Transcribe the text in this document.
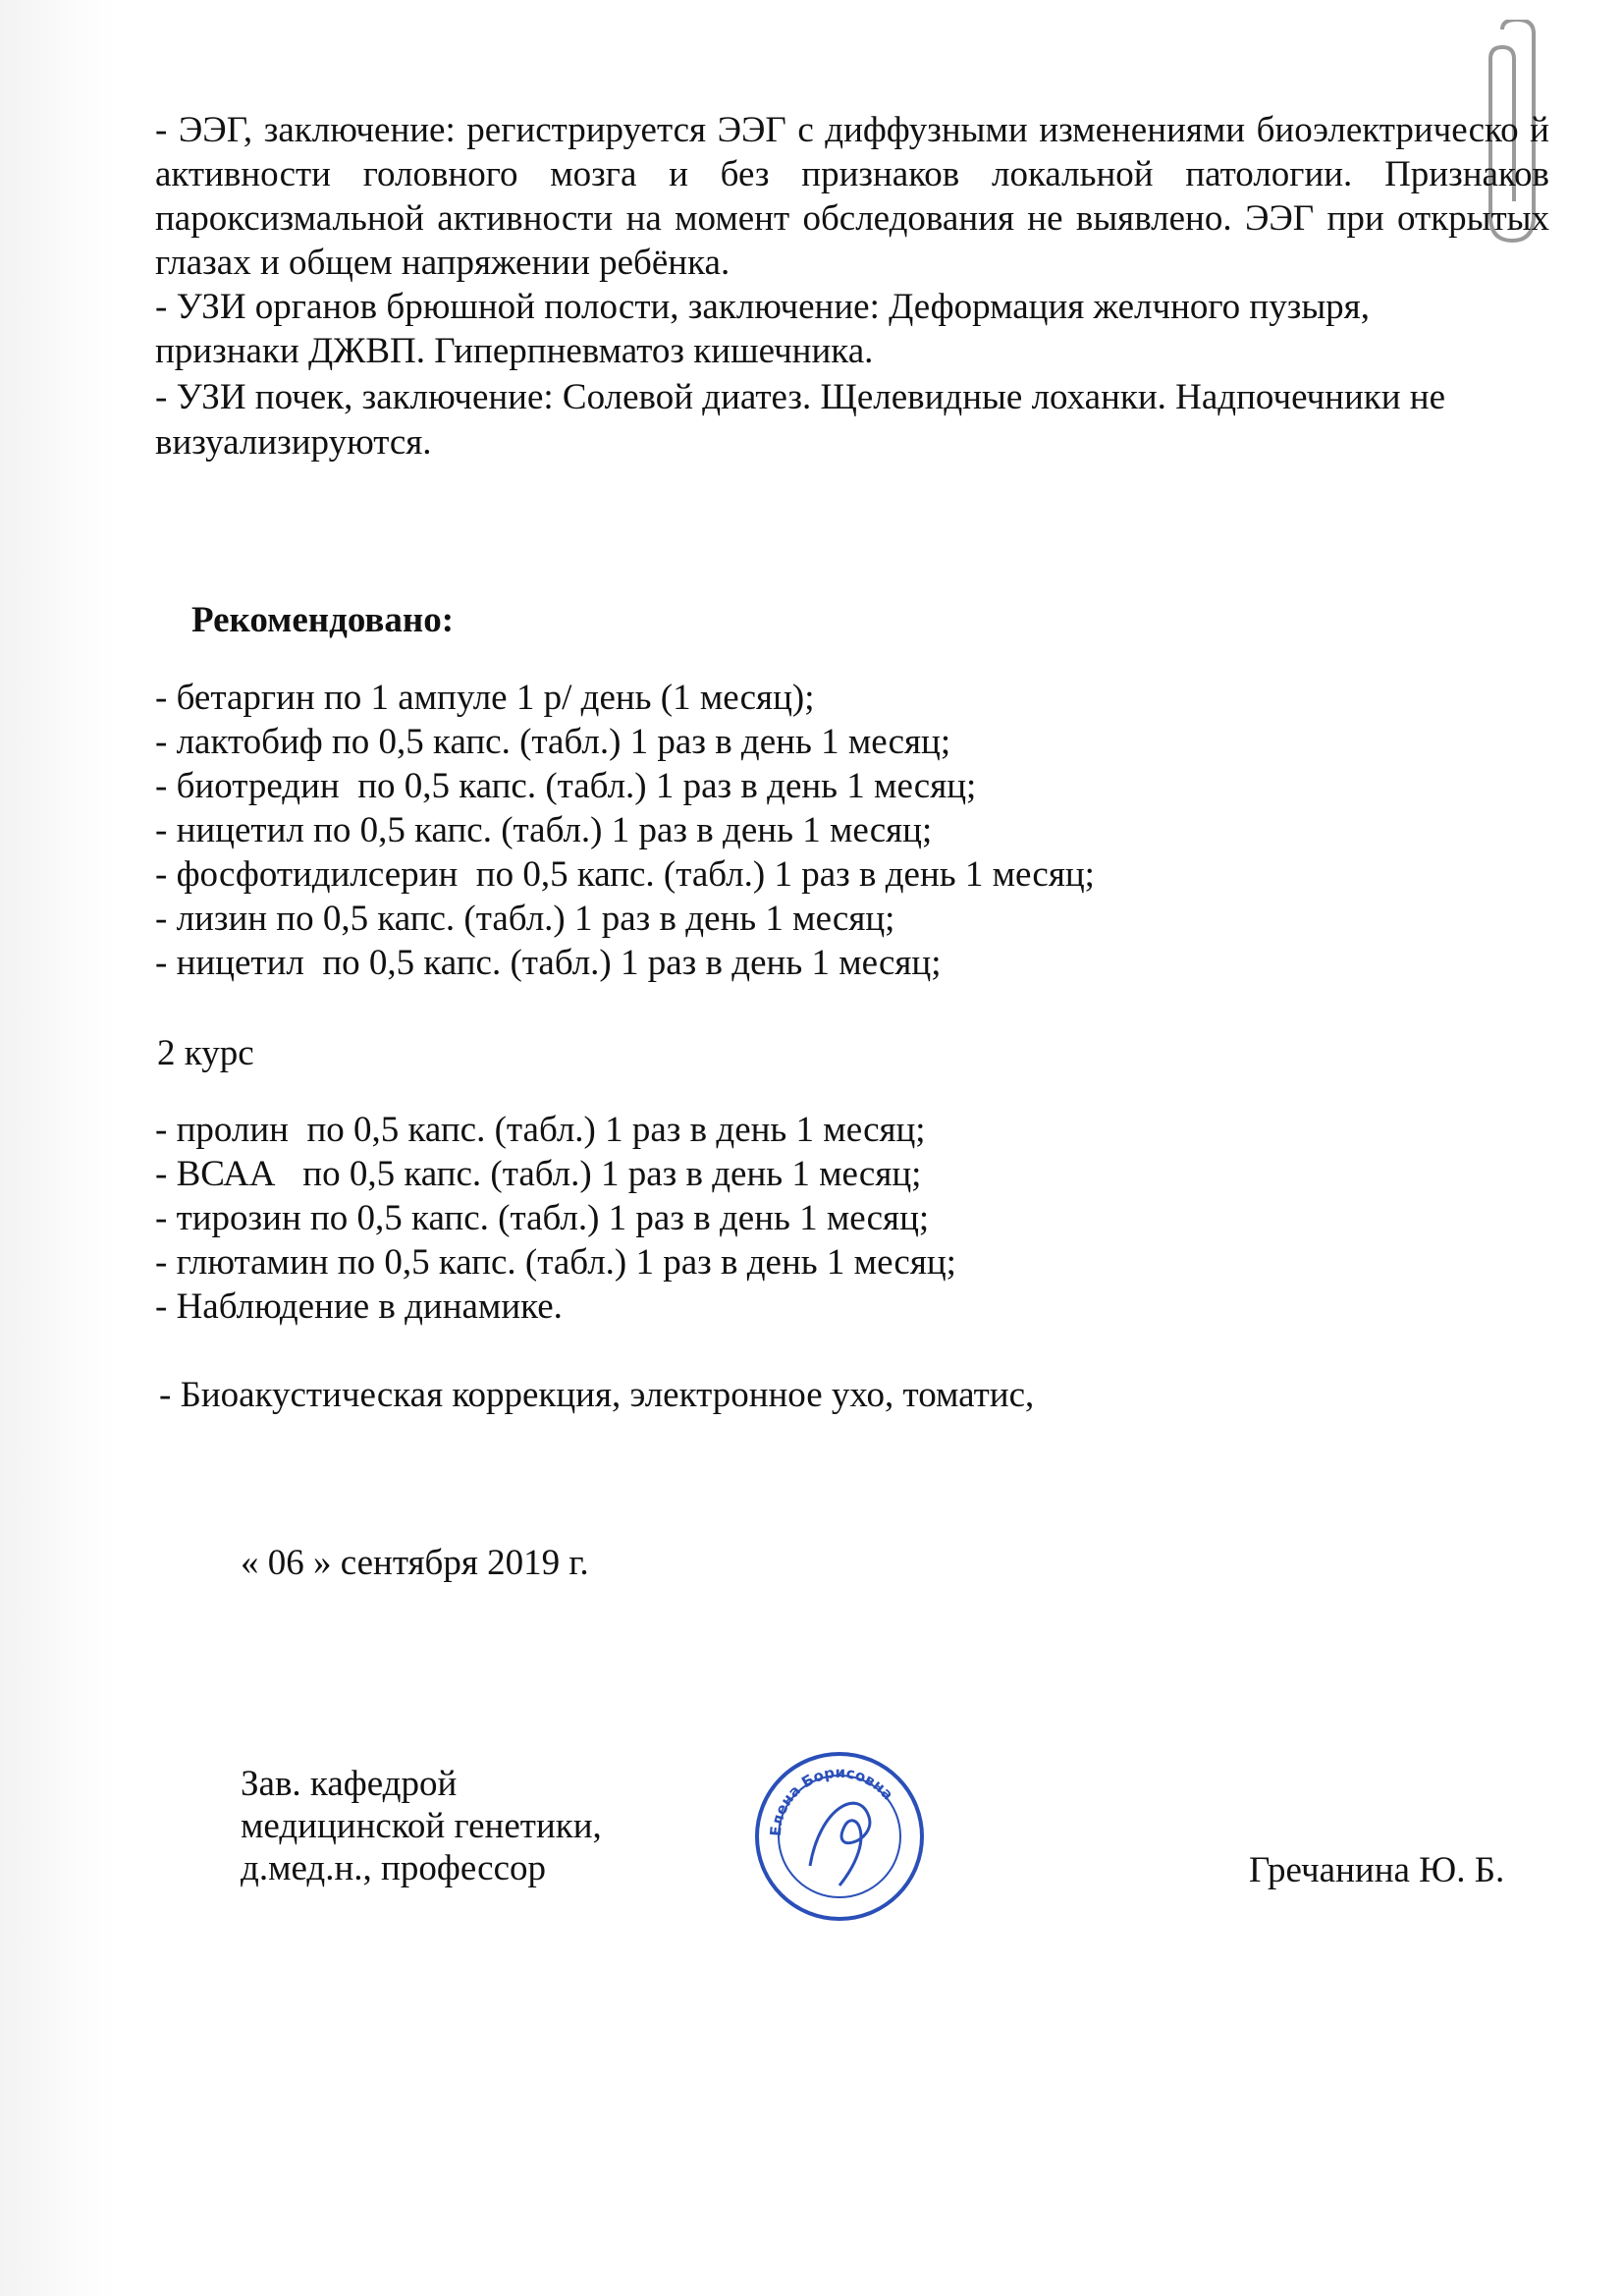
- ЭЭГ, заключение: регистрируется ЭЭГ с диффузными изменениями биоэлектрическо й активности головного мозга и без признаков локальной патологии. Признаков пароксизмальной активности на момент обследования не выявлено. ЭЭГ при открытых глазах и общем напряжении ребёнка.
- УЗИ органов брюшной полости, заключение: Деформация желчного пузыря,
признаки ДЖВП. Гиперпневматоз кишечника.
- УЗИ почек, заключение: Солевой диатез. Щелевидные лоханки. Надпочечники не
визуализируются.
Рекомендовано:
- бетаргин по 1 ампуле 1 р/ день (1 месяц);
- лактобиф по 0,5 капс. (табл.) 1 раз в день 1 месяц;
- биотредин  по 0,5 капс. (табл.) 1 раз в день 1 месяц;
- ницетил по 0,5 капс. (табл.) 1 раз в день 1 месяц;
- фосфотидилсерин  по 0,5 капс. (табл.) 1 раз в день 1 месяц;
- лизин по 0,5 капс. (табл.) 1 раз в день 1 месяц;
- ницетил  по 0,5 капс. (табл.) 1 раз в день 1 месяц;
2 курс
- пролин  по 0,5 капс. (табл.) 1 раз в день 1 месяц;
- ВСАА   по 0,5 капс. (табл.) 1 раз в день 1 месяц;
- тирозин по 0,5 капс. (табл.) 1 раз в день 1 месяц;
- глютамин по 0,5 капс. (табл.) 1 раз в день 1 месяц;
- Наблюдение в динамике.
- Биоакустическая коррекция, электронное ухо, томатис,
« 06 » сентября 2019 г.
Зав. кафедрой
медицинской генетики,
д.мед.н., профессор
Елена Борисовна
Гречанина Ю. Б.
